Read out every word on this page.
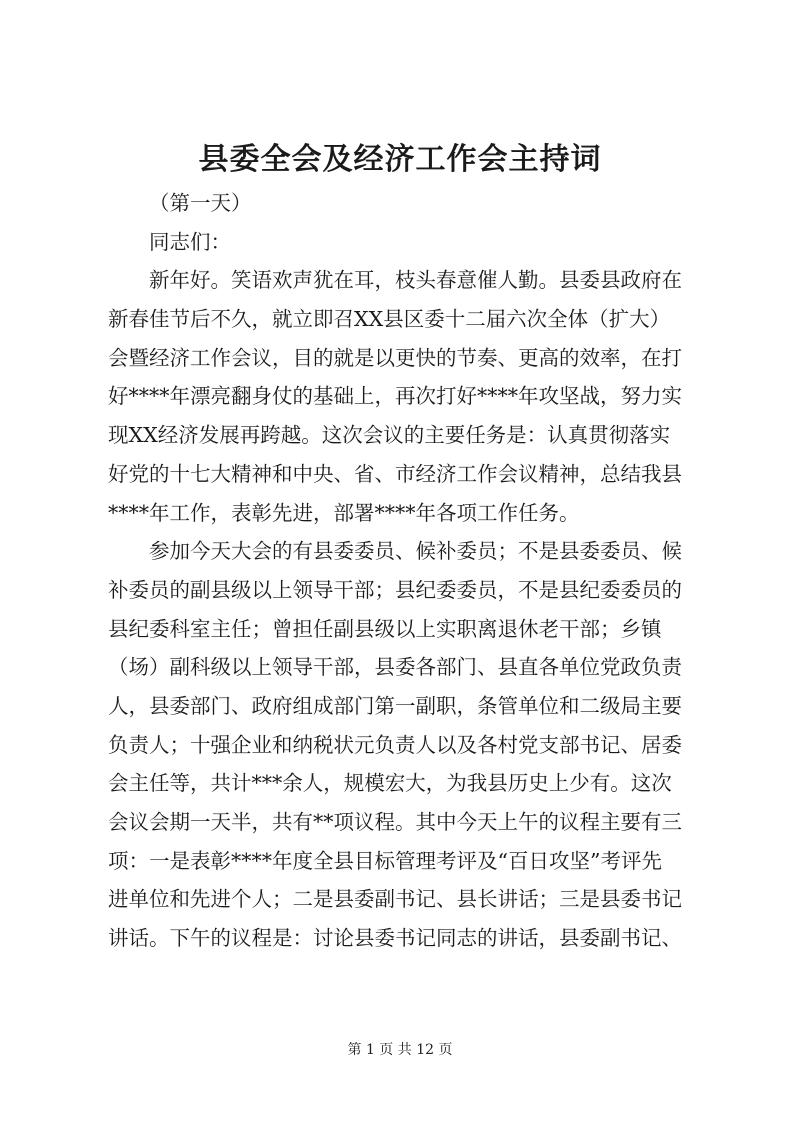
县委全会及经济工作会主持词
（第一天）
同志们：
新年好。笑语欢声犹在耳，枝头春意催人勤。县委县政府在
新春佳节后不久，就立即召XX县区委十二届六次全体（扩大）
会暨经济工作会议，目的就是以更快的节奏、更高的效率，在打
好****年漂亮翻身仗的基础上，再次打好****年攻坚战，努力实
现XX经济发展再跨越。这次会议的主要任务是：认真贯彻落实
好党的十七大精神和中央、省、市经济工作会议精神，总结我县
****年工作，表彰先进，部署****年各项工作任务。
参加今天大会的有县委委员、候补委员；不是县委委员、候
补委员的副县级以上领导干部；县纪委委员，不是县纪委委员的
县纪委科室主任；曾担任副县级以上实职离退休老干部；乡镇
（场）副科级以上领导干部，县委各部门、县直各单位党政负责
人，县委部门、政府组成部门第一副职，条管单位和二级局主要
负责人；十强企业和纳税状元负责人以及各村党支部书记、居委
会主任等，共计***余人，规模宏大，为我县历史上少有。这次
会议会期一天半，共有**项议程。其中今天上午的议程主要有三
项：一是表彰****年度全县目标管理考评及“百日攻坚”考评先
进单位和先进个人；二是县委副书记、县长讲话；三是县委书记
讲话。下午的议程是：讨论县委书记同志的讲话，县委副书记、
第 1 页 共 12 页
